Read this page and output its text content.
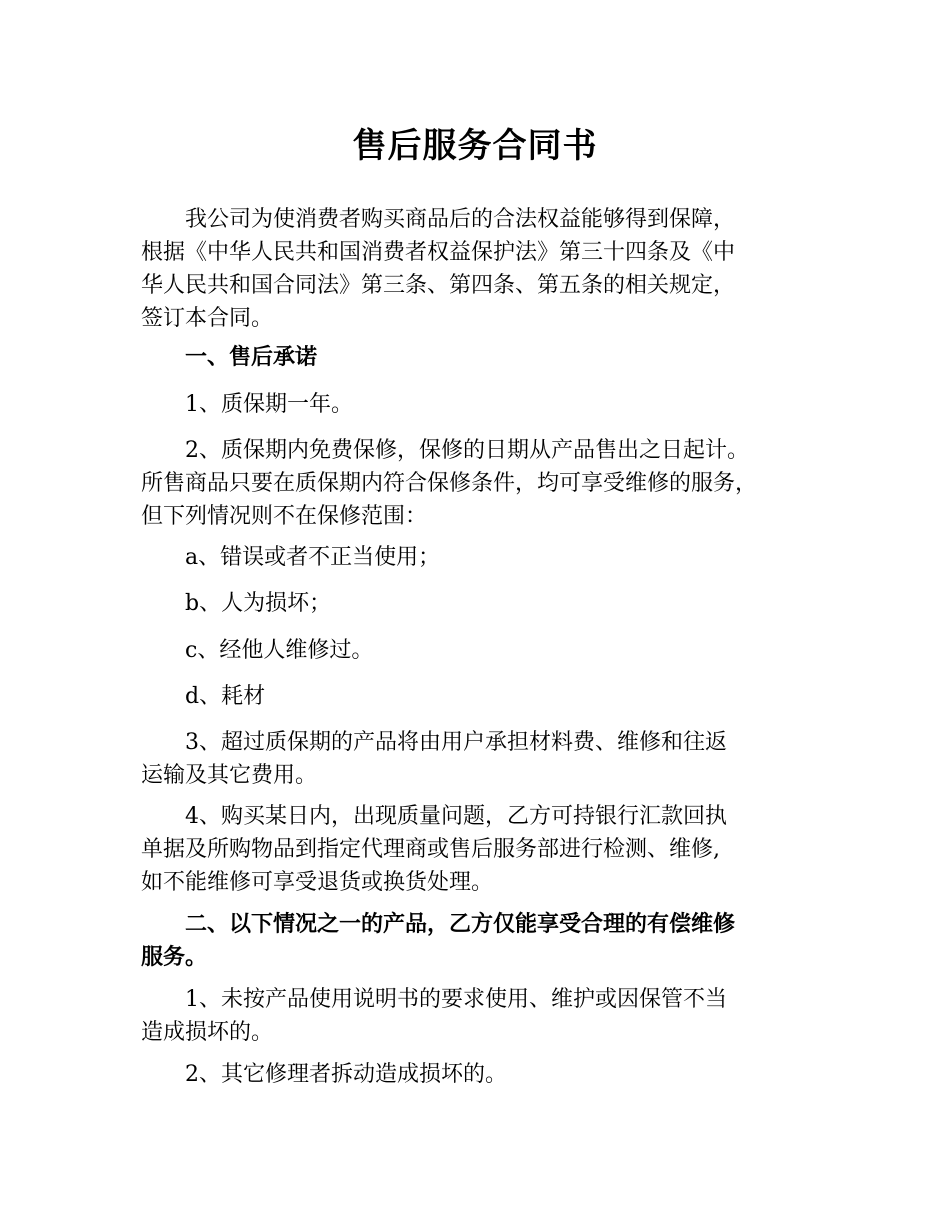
售后服务合同书
我公司为使消费者购买商品后的合法权益能够得到保障，
根据《中华人民共和国消费者权益保护法》第三十四条及《中
华人民共和国合同法》第三条、第四条、第五条的相关规定，
签订本合同。
一、售后承诺
1、质保期一年。
2、质保期内免费保修，保修的日期从产品售出之日起计。
所售商品只要在质保期内符合保修条件，均可享受维修的服务，
但下列情况则不在保修范围：
a、错误或者不正当使用；
b、人为损坏；
c、经他人维修过。
d、耗材
3、超过质保期的产品将由用户承担材料费、维修和往返
运输及其它费用。
4、购买某日内，出现质量问题，乙方可持银行汇款回执
单据及所购物品到指定代理商或售后服务部进行检测、维修,
如不能维修可享受退货或换货处理。
二、以下情况之一的产品，乙方仅能享受合理的有偿维修
服务。
1、未按产品使用说明书的要求使用、维护或因保管不当
造成损坏的。
2、其它修理者拆动造成损坏的。
